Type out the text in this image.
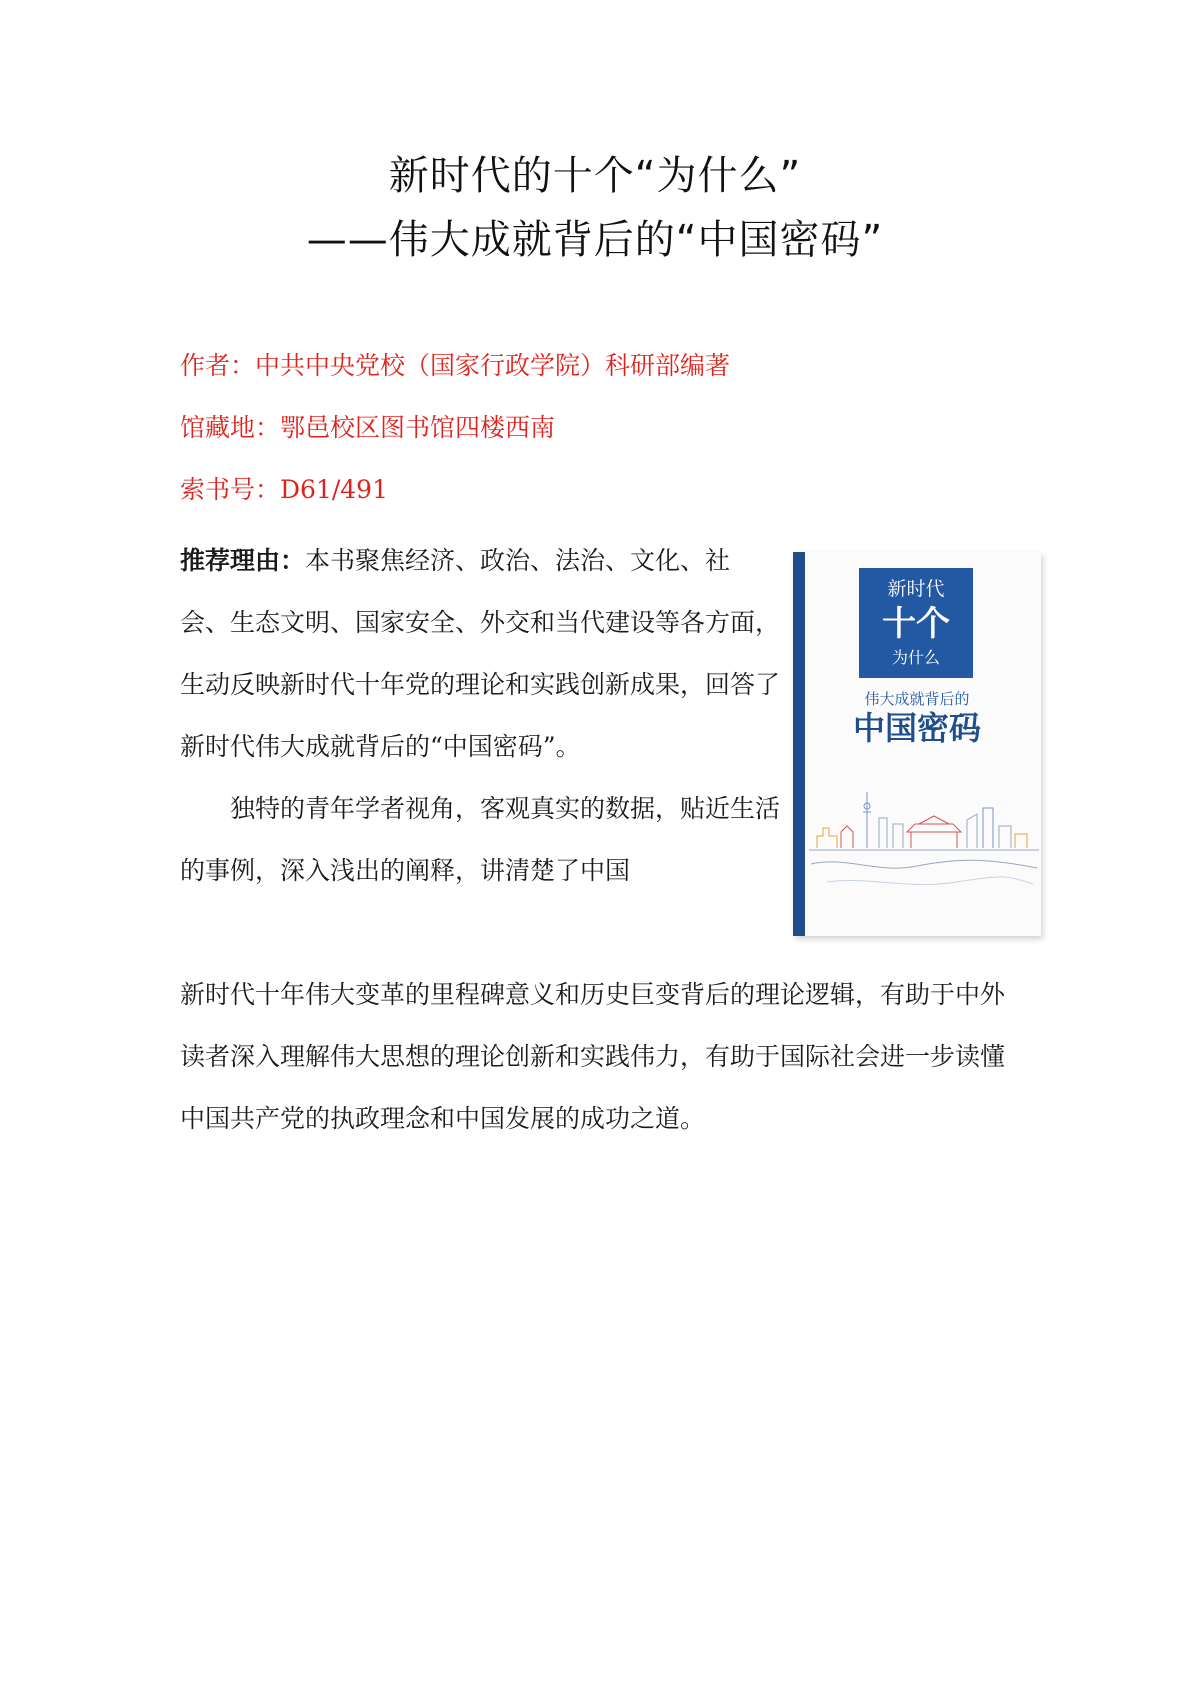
新时代的十个“为什么”
——伟大成就背后的“中国密码”
作者：中共中央党校（国家行政学院）科研部编著
馆藏地：鄂邑校区图书馆四楼西南
索书号：D61/491

推荐理由：本书聚焦经济、政治、法治、文化、社会、生态文明、国家安全、外交和当代建设等各方面，生动反映新时代十年党的理论和实践创新成果，回答了新时代伟大成就背后的“中国密码”。

独特的青年学者视角，客观真实的数据，贴近生活的事例，深入浅出的阐释，讲清楚了中国

新时代十年伟大变革的里程碑意义和历史巨变背后的理论逻辑，有助于中外读者深入理解伟大思想的理论创新和实践伟力，有助于国际社会进一步读懂中国共产党的执政理念和中国发展的成功之道。

新时代
十个
为什么
伟大成就背后的
中国密码
